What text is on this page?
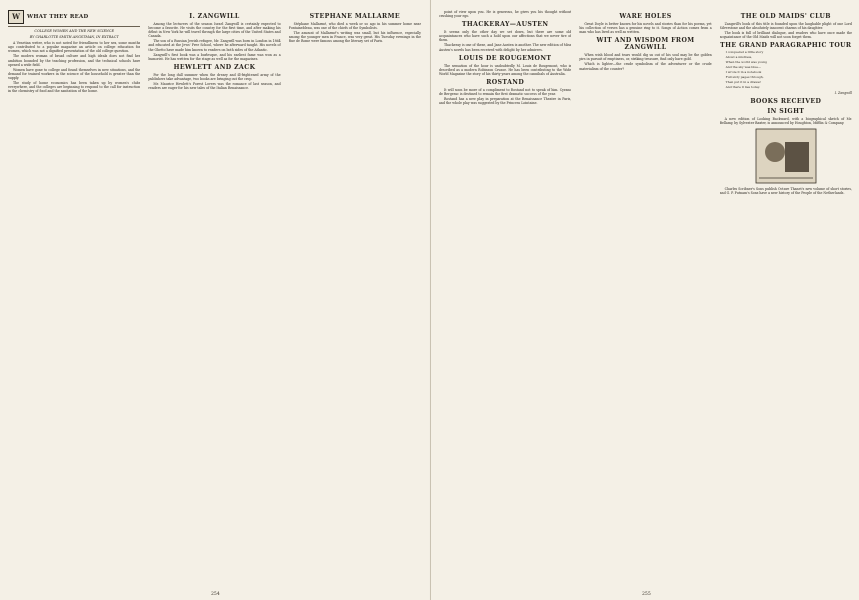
W	WHAT THEY READ
COLLEGE WOMEN AND THE NEW SCIENCE
BY CHARLOTTE SMITH ANGSTMAN, IN EXTRACT

A Venetian writer, who is not noted for friendliness to her sex, some months ago contributed to a popular magazine an article on college education for women, which was not a dignified presentation of the old college question.

The modern woman of broad culture and high ideals does not find her ambition bounded by the teaching profession, and the technical schools have opened a wide field.

Women have gone to college and found themselves in new situations, and the demand for trained workers in the science of the household is greater than the supply.

The study of home economics has been taken up by women's clubs everywhere, and the colleges are beginning to respond to the call for instruction in the chemistry of food and the sanitation of the home.

I. ZANGWILL

Among the lecturers of the season Israel Zangwill is certainly expected to become a favorite. He visits the country for the first time, and after making his début in New York he will travel through the large cities of the United States and Canada.

The son of a Russian Jewish refugee, Mr. Zangwill was born in London in 1864 and educated at the Jews' Free School, where he afterward taught. His novels of the Ghetto have made him known to readers on both sides of the Atlantic.

Zangwill's first book was a burlesque, and his earliest fame was won as a humorist. He has written for the stage as well as for the magazines.

HEWLETT AND ZACK

For the long dull summer when the dreary and ill-frightened army of the publishers take advantage, two books are bringing out the crop.

Mr. Maurice Hewlett's Forest Lovers was the romance of last season, and readers are eager for his new tales of the Italian Renaissance.

STEPHANE MALLARME

Stéphane Mallarmé, who died a week or so ago in his summer home near Fontainebleau, was one of the chiefs of the Symbolists.

The amount of Mallarmé's writing was small, but his influence, especially among the younger men in France, was very great. His Tuesday evenings in the Rue de Rome were famous among the literary set of Paris.

254

point of view upon you. He is generous, he gives you his thought without crushing your ego.

THACKERAY—AUSTEN

It seems only the other day we set down, but there are some old acquaintances who have such a hold upon our affections that we never tire of them.

Thackeray is one of these, and Jane Austen is another. The new edition of Miss Austen's novels has been received with delight by her admirers.

LOUIS DE ROUGEMONT

The sensation of the hour is undoubtedly M. Louis de Rougemont, who is described as a modern Robinson Crusoe. He has been contributing to the Wide World Magazine the story of his thirty years among the cannibals of Australia.

ROSTAND

It will soon be more of a compliment to Rostand not to speak of him. Cyrano de Bergerac is destined to remain the first dramatic success of the year.

Rostand has a new play in preparation at the Renaissance Theatre in Paris, and the whole play was suggested by the Princess Lointaine.

WARE HOLES

Great Doyle is better known for his novels and stories than for his poems, yet his collection of verses has a genuine ring to it. Songs of Action comes from a man who has lived as well as written.

WIT AND WISDOM FROM ZANGWILL

When wish blood and tears would dig us out of his soul may be the golden pirs in pursuit of emptiness, or, striking treasure, find only bare gold.

Which is lighter—the crude symbolism of the adventurer or the crude materialism of the counter?

THE OLD MAIDS' CLUB

Zangwill's book of this title is founded upon the laughable plight of one Lord Silverstone and the absolutely innocent charms of his daughter.

The book is full of brilliant dialogue, and readers who have once made the acquaintance of the Old Maids will not soon forget them.

THE GRAND PARAGRAPHIC TOUR

I conquered a little story

About a mistress,

When the world was young

And the sky was blue—

I wrote it in a notebook

Full sixty pages through,

Then put it in a drawer

And there it lies today.

I. Zangwill
BOOKS RECEIVED
IN SIGHT

A new edition of Looking Backward, with a biographical sketch of Mr. Bellamy, by Sylvester Baxter, is announced by Houghton, Mifflin & Company.

Charles Scribner's Sons publish Octave Thanet's new volume of short stories, and G. P. Putnam's Sons have a new history of the People of the Netherlands.

255
